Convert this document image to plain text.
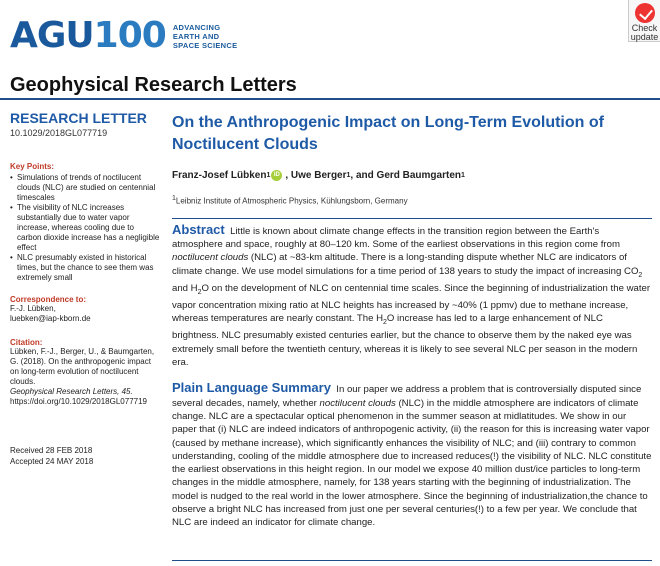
AGU100 ADVANCING
EARTH AND
SPACE SCIENCE
Check
update
Geophysical Research Letters
RESEARCH LETTER
10.1029/2018GL077719
Key Points:
• Simulations of trends of noctilucent clouds (NLC) are studied on centennial timescales
• The visibility of NLC increases substantially due to water vapor increase, whereas cooling due to carbon dioxide increase has a negligible effect
• NLC presumably existed in historical times, but the chance to see them was extremely small
Correspondence to:
F.-J. Lübken,
luebken@iap-kborn.de
Citation:
Lübken, F.-J., Berger, U., & Baumgarten, G. (2018). On the anthropogenic impact on long-term evolution of noctilucent clouds.
Geophysical Research Letters, 45.
https://doi.org/10.1029/2018GL077719
Received 28 FEB 2018
Accepted 24 MAY 2018
On the Anthropogenic Impact on Long-Term Evolution of Noctilucent Clouds
Franz-Josef Lübken 1 iD , Uwe Berger 1 , and Gerd Baumgarten 1
1Leibniz Institute of Atmospheric Physics, Kühlungsborn, Germany

Abstract Little is known about climate change effects in the transition region between the Earth's atmosphere and space, roughly at 80–120 km. Some of the earliest observations in this region come from noctilucent clouds (NLC) at ~83-km altitude. There is a long-standing dispute whether NLC are indicators of climate change. We use model simulations for a time period of 138 years to study the impact of increasing $CO_2$ and $H_2O$ on the development of NLC on centennial time scales. Since the beginning of industrialization the water vapor concentration mixing ratio at NLC heights has increased by ~40% (1 ppmv) due to methane increase, whereas temperatures are nearly constant. The $H_2O$ increase has led to a large enhancement of NLC brightness. NLC presumably existed centuries earlier, but the chance to observe them by the naked eye was extremely small before the twentieth century, whereas it is likely to see several NLC per season in the modern era.

Plain Language Summary In our paper we address a problem that is controversially disputed since several decades, namely, whether noctilucent clouds (NLC) in the middle atmosphere are indicators of climate change. NLC are a spectacular optical phenomenon in the summer season at midlatitudes. We show in our paper that (i) NLC are indeed indicators of anthropogenic activity, (ii) the reason for this is increasing water vapor (caused by methane increase), which significantly enhances the visibility of NLC; and (iii) contrary to common understanding, cooling of the middle atmosphere due to increased reduces(!) the visibility of NLC. NLC constitute the earliest observations in this height region. In our model we expose 40 million dust/ice particles to long-term changes in the middle atmosphere, namely, for 138 years starting with the beginning of industrialization. The model is nudged to the real world in the lower atmosphere. Since the beginning of industrialization,the chance to observe a bright NLC has increased from just one per several centuries(!) to a few per year. We conclude that NLC are indeed an indicator for climate change.
